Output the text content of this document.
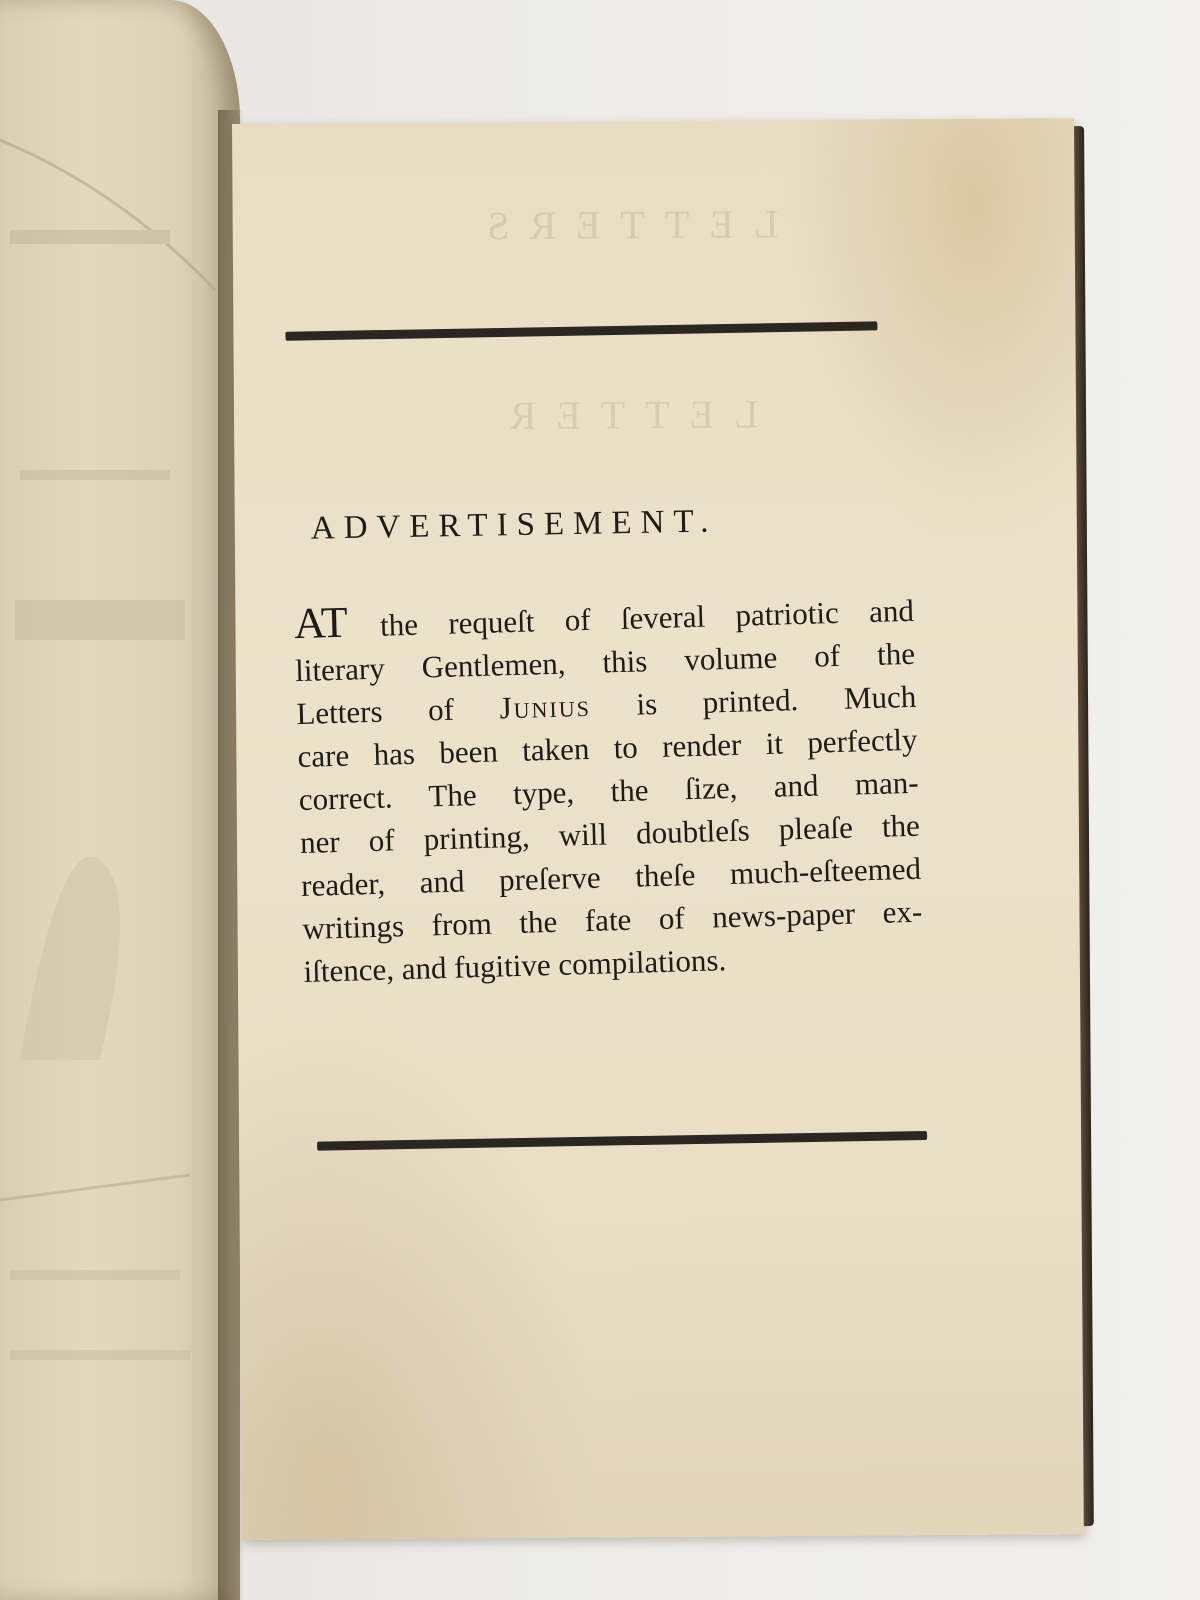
LETTERS
LETTER
ADVERTISEMENT.
AT the requeſt of ſeveral patriotic and
literary Gentlemen, this volume of the
Letters of Junius is printed. Much
care has been taken to render it perfectly
correct. The type, the ſize, and man-
ner of printing, will doubtleſs pleaſe the
reader, and preſerve theſe much-eſteemed
writings from the fate of news-paper ex-
iſtence, and fugitive compilations.
